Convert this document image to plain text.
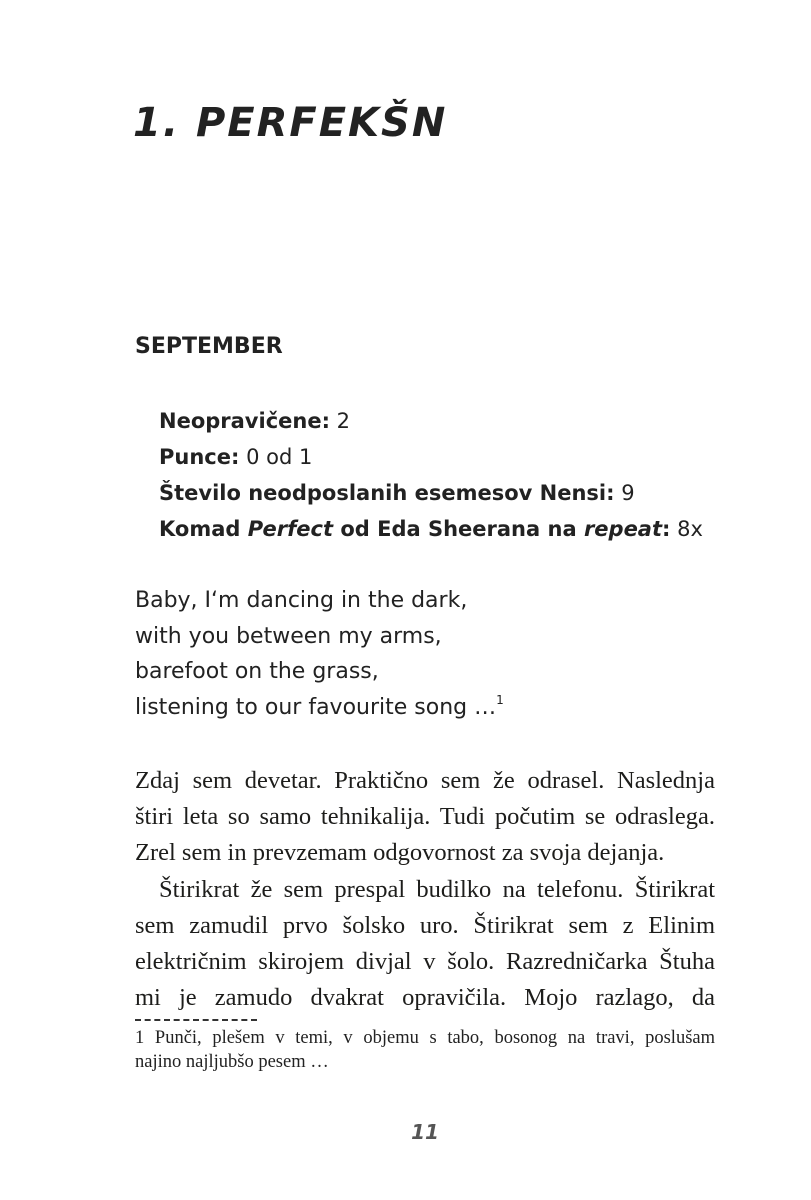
1. PERFEKŠN
SEPTEMBER
Neopravičene: 2
Punce: 0 od 1
Število neodposlanih esemesov Nensi: 9
Komad Perfect od Eda Sheerana na repeat: 8x
Baby, I‘m dancing in the dark,
with you between my arms,
barefoot on the grass,
listening to our favourite song …$^1$
Zdaj sem devetar. Praktično sem že odrasel. Naslednja
štiri leta so samo tehnikalija. Tudi počutim se odraslega.
Zrel sem in prevzemam odgovornost za svoja dejanja.
Štirikrat že sem prespal budilko na telefonu. Štirikrat
sem zamudil prvo šolsko uro. Štirikrat sem z Elinim
električnim skirojem divjal v šolo. Razredničarka Štuha
mi je zamudo dvakrat opravičila. Mojo razlago, da
1 Punči, plešem v temi, v objemu s tabo, bosonog na travi, poslušam
najino najljubšo pesem …
11
